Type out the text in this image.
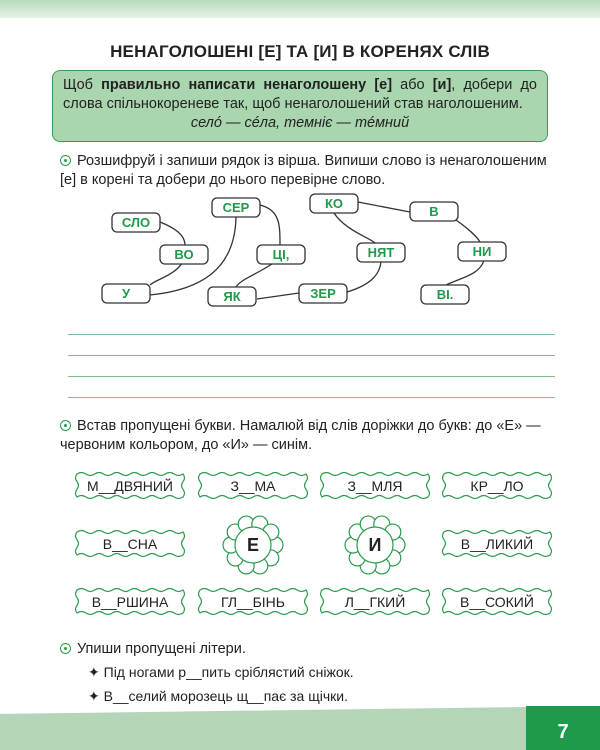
НЕНАГОЛОШЕНІ [Е] ТА [И] В КОРЕНЯХ СЛІВ
Щоб правильно написати ненаголошену [е] або [и], добери до слова спільнокореневе так, щоб ненаголошений став наголошеним.
селó — сéла, темніє — тéмний
Розшифруй і запиши рядок із вірша. Випиши слово із ненаголошеним [е] в корені та добери до нього перевірне слово.
СЛО
ВО
У
СЕР
ЦІ,
ЯК	ЗЕР
КО
НЯТ
В
НИ
ВІ.
Встав пропущені букви. Намалюй від слів доріжки до букв: до «Е» — червоним кольором, до «И» — синім.
М__ДВЯНИЙ	З__МА	З__МЛЯ	КР__ЛО
В__СНА	В__ЛИКИЙ
В__РШИНА	ГЛ__БІНЬ	Л__ГКИЙ	В__СОКИЙ
Е	И
Упиши пропущені літери.
✦ Під ногами р__пить сріблястий сніжок.
✦ В__селий морозець щ__пає за щічки.
7
